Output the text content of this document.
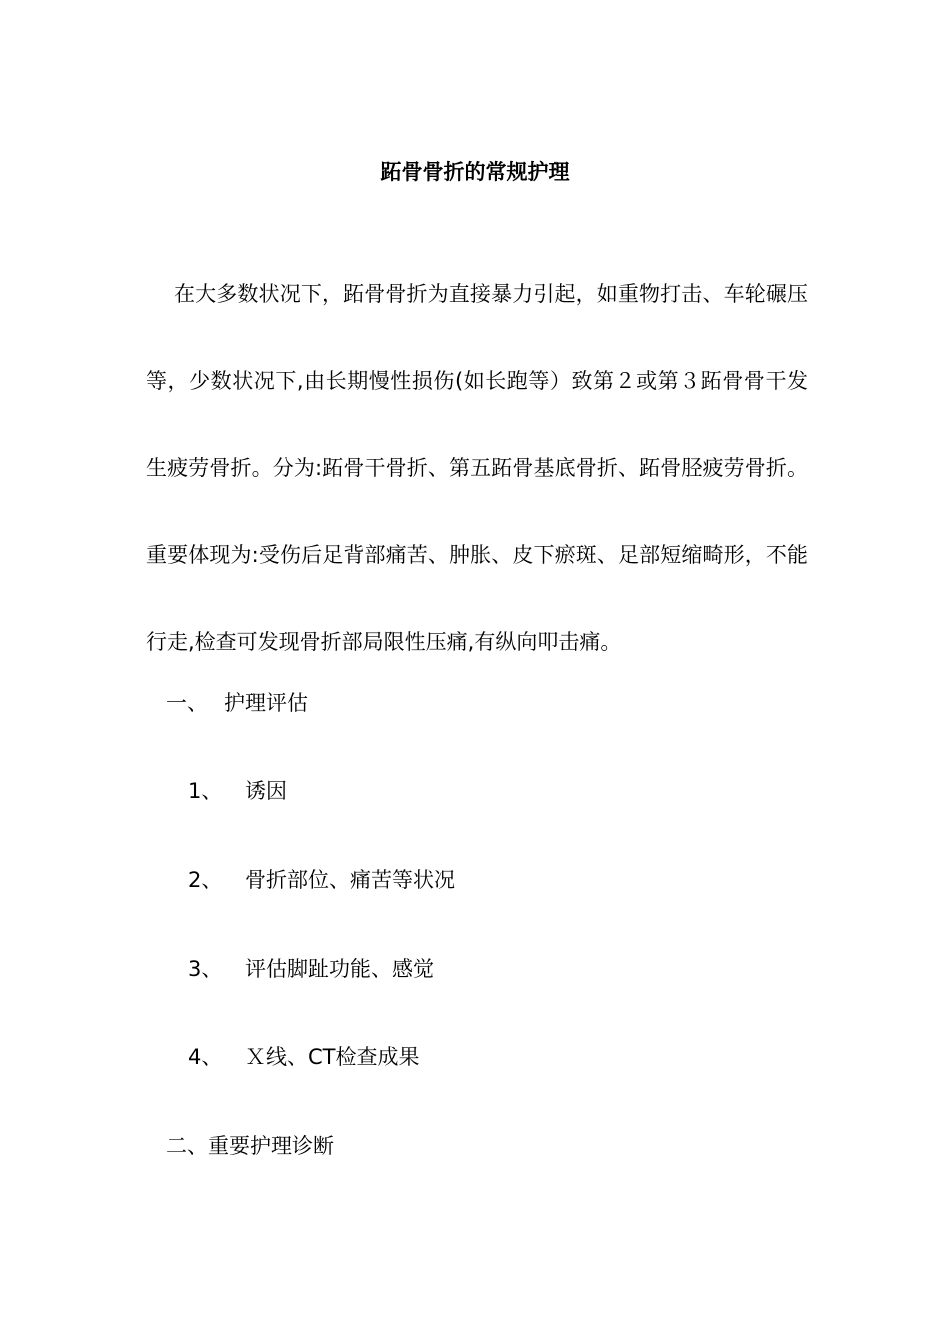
跖骨骨折的常规护理

在大多数状况下，跖骨骨折为直接暴力引起，如重物打击、车轮碾压等，少数状况下,由长期慢性损伤(如长跑等）致第２或第３跖骨骨干发生疲劳骨折。分为:跖骨干骨折、第五跖骨基底骨折、跖骨胫疲劳骨折。重要体现为:受伤后足背部痛苦、肿胀、皮下瘀斑、足部短缩畸形，不能行走,检查可发现骨折部局限性压痛,有纵向叩击痛。

一、 护理评估
1、 诱因
2、 骨折部位、痛苦等状况
3、 评估脚趾功能、感觉
4、 Ｘ线、CT检查成果
二、重要护理诊断
